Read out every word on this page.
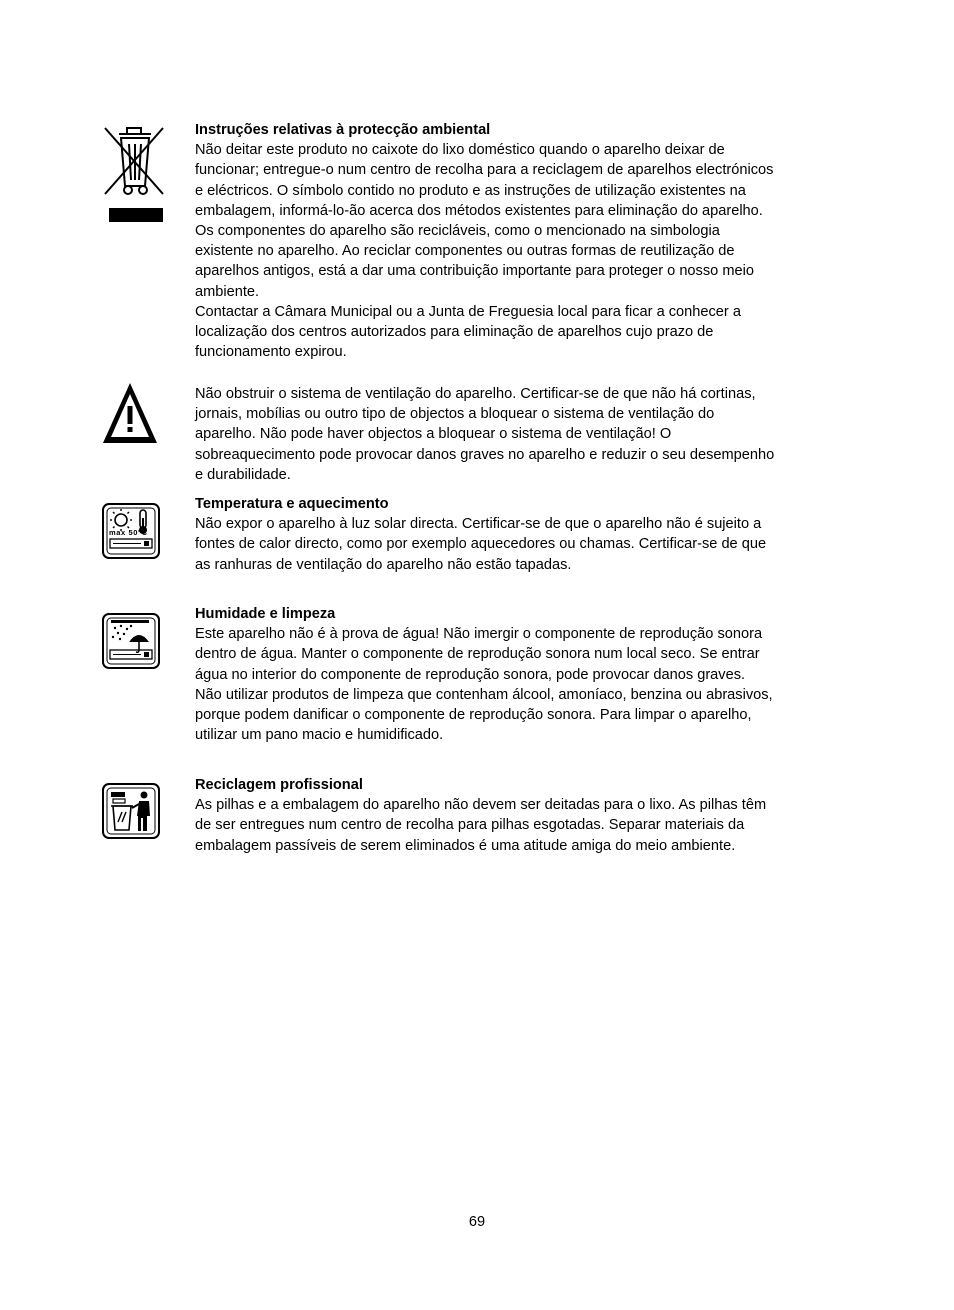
Instruções relativas à protecção ambiental
Não deitar este produto no caixote do lixo doméstico quando o aparelho deixar de
funcionar; entregue-o num centro de recolha para a reciclagem de aparelhos electrónicos
e eléctricos. O símbolo contido no produto e as instruções de utilização existentes na
embalagem, informá-lo-ão acerca dos métodos existentes para eliminação do aparelho.
Os componentes do aparelho são recicláveis, como o mencionado na simbologia
existente no aparelho. Ao reciclar componentes ou outras formas de reutilização de
aparelhos antigos, está a dar uma contribuição importante para proteger o nosso meio
ambiente.
Contactar a Câmara Municipal ou a Junta de Freguesia local para ficar a conhecer a
localização dos centros autorizados para eliminação de aparelhos cujo prazo de
funcionamento expirou.
Não obstruir o sistema de ventilação do aparelho. Certificar-se de que não há cortinas,
jornais, mobílias ou outro tipo de objectos a bloquear o sistema de ventilação do
aparelho. Não pode haver objectos a bloquear o sistema de ventilação! O
sobreaquecimento pode provocar danos graves no aparelho e reduzir o seu desempenho
e durabilidade.
max 50°C
Temperatura e aquecimento
Não expor o aparelho à luz solar directa. Certificar-se de que o aparelho não é sujeito a
fontes de calor directo, como por exemplo aquecedores ou chamas. Certificar-se de que
as ranhuras de ventilação do aparelho não estão tapadas.
Humidade e limpeza
Este aparelho não é à prova de água! Não imergir o componente de reprodução sonora
dentro de água. Manter o componente de reprodução sonora num local seco. Se entrar
água no interior do componente de reprodução sonora, pode provocar danos graves.
Não utilizar produtos de limpeza que contenham álcool, amoníaco, benzina ou abrasivos,
porque podem danificar o componente de reprodução sonora. Para limpar o aparelho,
utilizar um pano macio e humidificado.
Reciclagem profissional
As pilhas e a embalagem do aparelho não devem ser deitadas para o lixo. As pilhas têm
de ser entregues num centro de recolha para pilhas esgotadas. Separar materiais da
embalagem passíveis de serem eliminados é uma atitude amiga do meio ambiente.
69
